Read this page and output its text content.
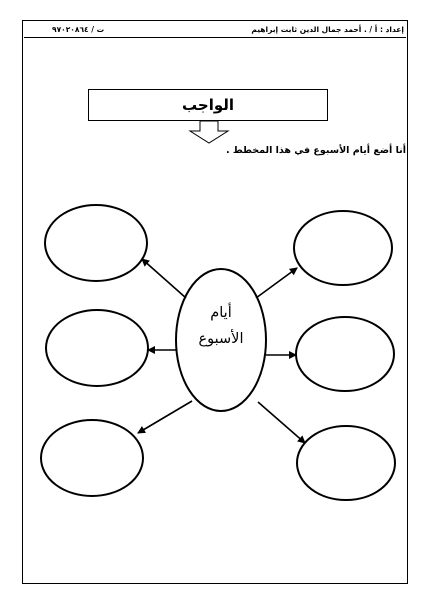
إعداد : أ / . أحمد جمال الدين ثابت إبراهيم
ت / ٩٧٠٢٠٨٦٤
الواجب
أنا أضع أيام الأسبوع في هذا المخطط .
أيام
الأسبوع
